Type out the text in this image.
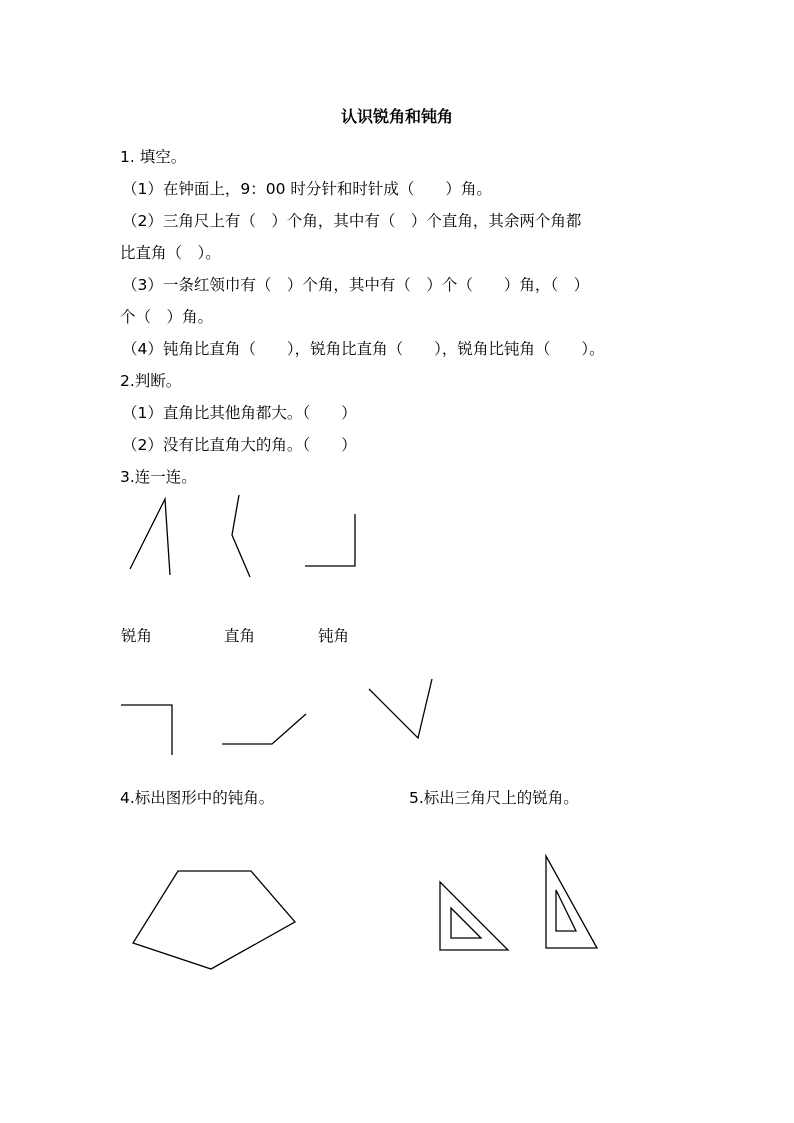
认识锐角和钝角
1. 填空。
（1）在钟面上，9：00 时分针和时针成（　　）角。
（2）三角尺上有（　）个角，其中有（　）个直角，其余两个角都
比直角（　）。
（3）一条红领巾有（　）个角，其中有（　）个（　　）角，（　）
个（　）角。
（4）钝角比直角（　　），锐角比直角（　　），锐角比钝角（　　）。
2.判断。
（1）直角比其他角都大。（　　）
（2）没有比直角大的角。（　　）
3.连一连。
锐角	直角	钝角
4.标出图形中的钝角。	5.标出三角尺上的锐角。
